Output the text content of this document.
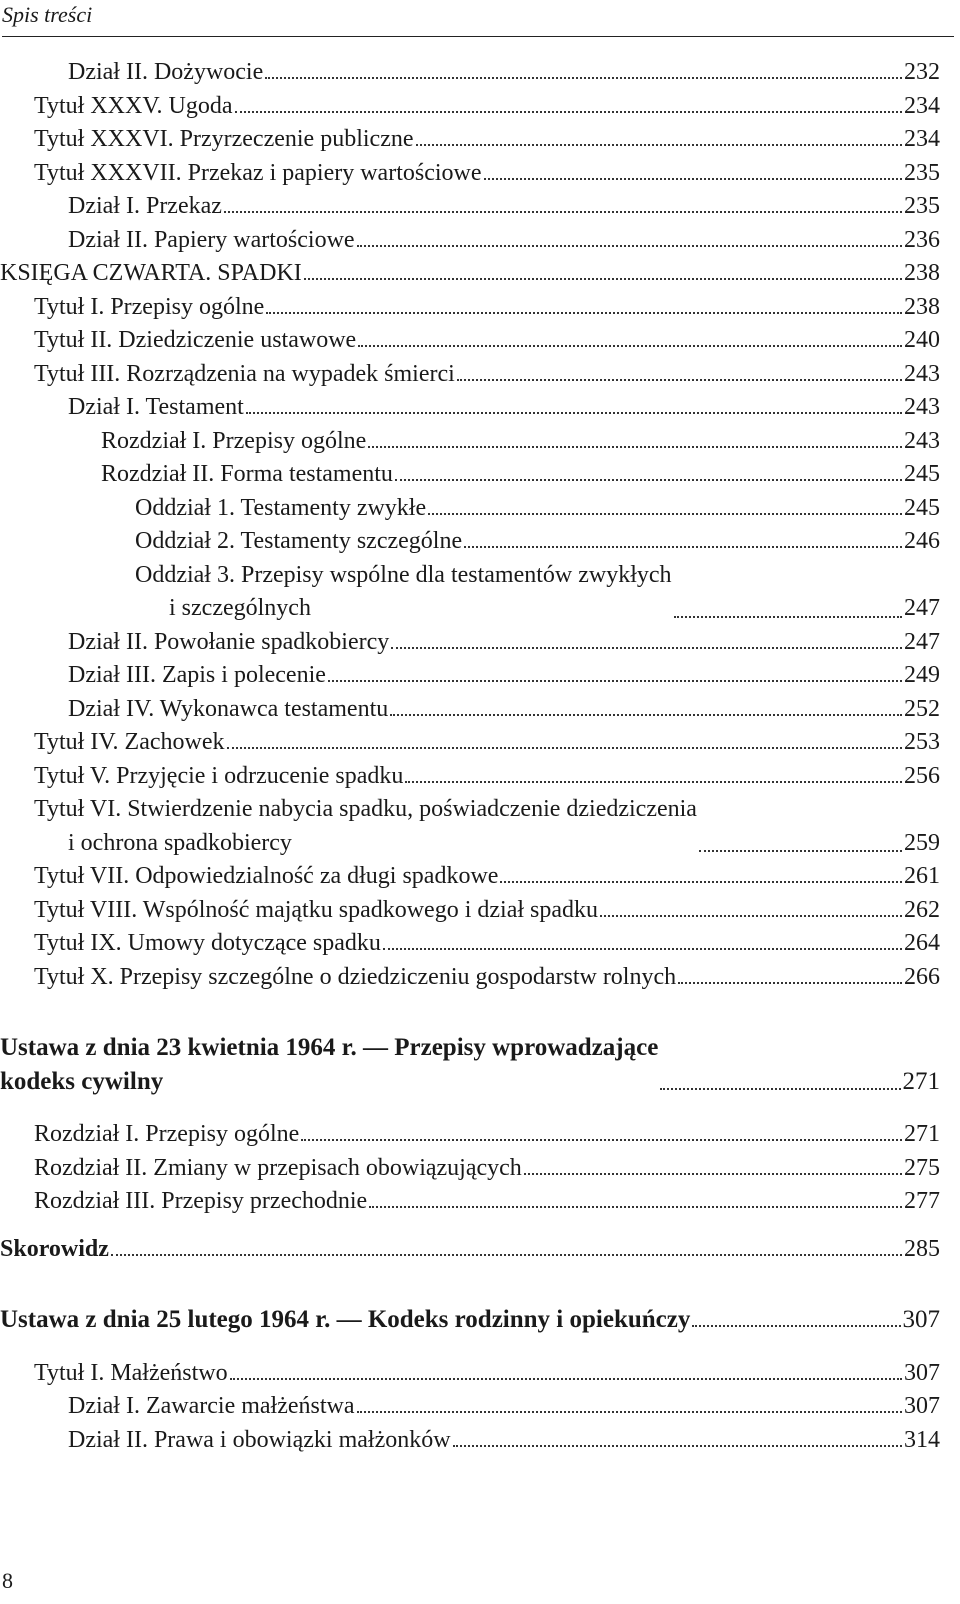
Spis treści
Dział II. Dożywocie	232
Tytuł XXXV. Ugoda	234
Tytuł XXXVI. Przyrzeczenie publiczne	234
Tytuł XXXVII. Przekaz i papiery wartościowe	235
Dział I. Przekaz	235
Dział II. Papiery wartościowe	236
KSIĘGA CZWARTA. SPADKI	238
Tytuł I. Przepisy ogólne	238
Tytuł II. Dziedziczenie ustawowe	240
Tytuł III. Rozrządzenia na wypadek śmierci	243
Dział I. Testament	243
Rozdział I. Przepisy ogólne	243
Rozdział II. Forma testamentu	245
Oddział 1. Testamenty zwykłe	245
Oddział 2. Testamenty szczególne	246
Oddział 3. Przepisy wspólne dla testamentów zwykłych
i szczególnych	247
Dział II. Powołanie spadkobiercy	247
Dział III. Zapis i polecenie	249
Dział IV. Wykonawca testamentu	252
Tytuł IV. Zachowek	253
Tytuł V. Przyjęcie i odrzucenie spadku	256
Tytuł VI. Stwierdzenie nabycia spadku, poświadczenie dziedziczenia
i ochrona spadkobiercy	259
Tytuł VII. Odpowiedzialność za długi spadkowe	261
Tytuł VIII. Wspólność majątku spadkowego i dział spadku	262
Tytuł IX. Umowy dotyczące spadku	264
Tytuł X. Przepisy szczególne o dziedziczeniu gospodarstw rolnych	266
Ustawa z dnia 23 kwietnia 1964 r. — Przepisy wprowadzające
kodeks cywilny	271
Rozdział I. Przepisy ogólne	271
Rozdział II. Zmiany w przepisach obowiązujących	275
Rozdział III. Przepisy przechodnie	277
Skorowidz	285
Ustawa z dnia 25 lutego 1964 r. — Kodeks rodzinny i opiekuńczy	307
Tytuł I. Małżeństwo	307
Dział I. Zawarcie małżeństwa	307
Dział II. Prawa i obowiązki małżonków	314
8
